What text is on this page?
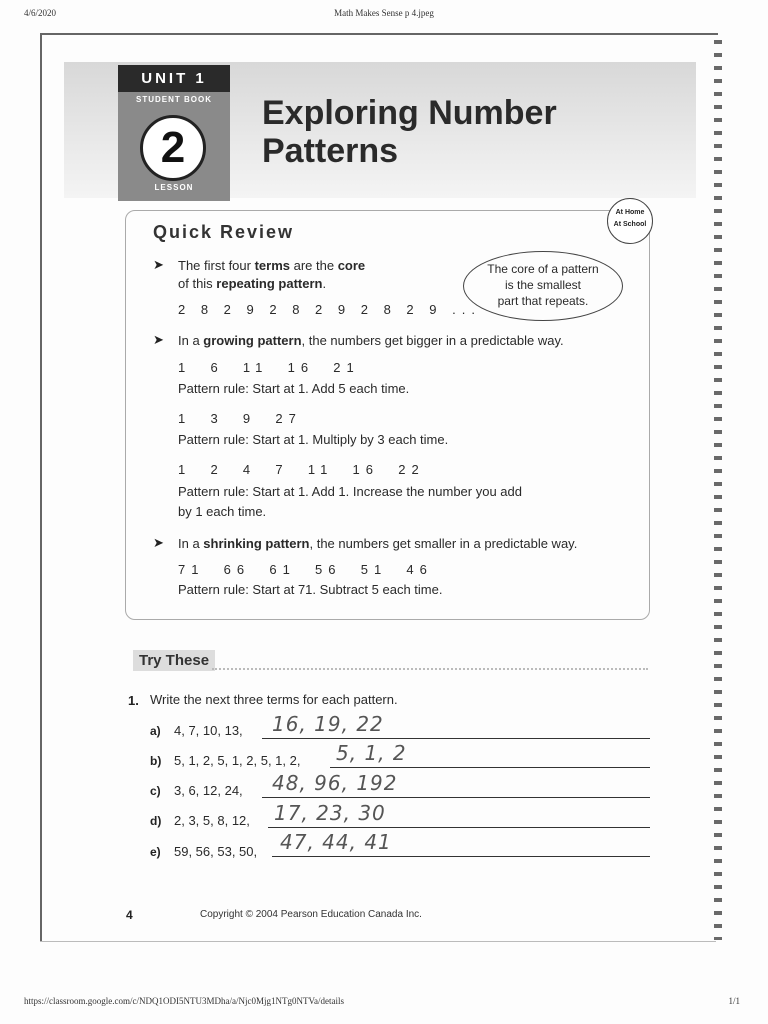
4/6/2020	Math Makes Sense p 4.jpeg
UNIT 1
STUDENT BOOK
2
LESSON
Exploring Number
Patterns
At Home
At School
Quick Review
➤ The first four terms are the core
of this repeating pattern.
2 8 2 9 2 8 2 9 2 8 2 9 ...
The core of a pattern
is the smallest
part that repeats.
➤ In a growing pattern, the numbers get bigger in a predictable way.
1  6  11  16  21
Pattern rule: Start at 1. Add 5 each time.
1  3  9  27
Pattern rule: Start at 1. Multiply by 3 each time.
1  2  4  7  11  16  22
Pattern rule: Start at 1. Add 1. Increase the number you add
by 1 each time.
➤ In a shrinking pattern, the numbers get smaller in a predictable way.
71  66  61  56  51  46
Pattern rule: Start at 71. Subtract 5 each time.
Try These
1. Write the next three terms for each pattern.
a) 4, 7, 10, 13, 16, 19, 22
b) 5, 1, 2, 5, 1, 2, 5, 1, 2, 5, 1, 2
c) 3, 6, 12, 24, 48, 96, 192
d) 2, 3, 5, 8, 12, 17, 23, 30
e) 59, 56, 53, 50, 47, 44, 41
4	Copyright © 2004 Pearson Education Canada Inc.
https://classroom.google.com/c/NDQ1ODI5NTU3MDha/a/Njc0Mjg1NTg0NTVa/details	1/1
